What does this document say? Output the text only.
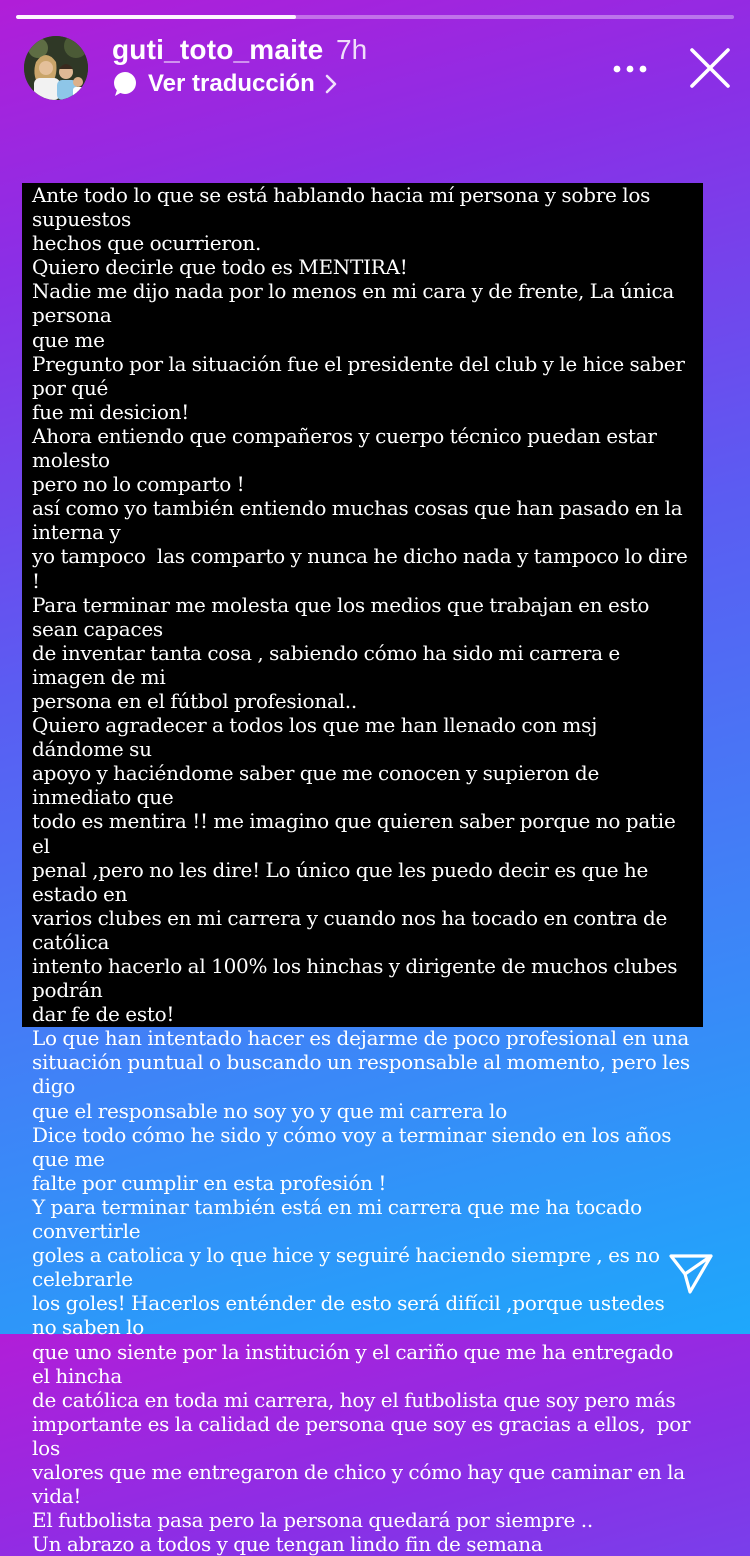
guti_toto_maite 7h
Ver traducción
Ante todo lo que se está hablando hacia mí persona y sobre los supuestos
hechos que ocurrieron.
Quiero decirle que todo es MENTIRA!
Nadie me dijo nada por lo menos en mi cara y de frente, La única persona
que me
Pregunto por la situación fue el presidente del club y le hice saber por qué
fue mi desicion!
Ahora entiendo que compañeros y cuerpo técnico puedan estar molesto
pero no lo comparto !
así como yo también entiendo muchas cosas que han pasado en la interna y
yo tampoco  las comparto y nunca he dicho nada y tampoco lo dire !
Para terminar me molesta que los medios que trabajan en esto sean capaces
de inventar tanta cosa , sabiendo cómo ha sido mi carrera e imagen de mi
persona en el fútbol profesional..
Quiero agradecer a todos los que me han llenado con msj dándome su
apoyo y haciéndome saber que me conocen y supieron de inmediato que
todo es mentira !! me imagino que quieren saber porque no patie el
penal ,pero no les dire! Lo único que les puedo decir es que he estado en
varios clubes en mi carrera y cuando nos ha tocado en contra de católica
intento hacerlo al 100% los hinchas y dirigente de muchos clubes podrán
dar fe de esto!
Lo que han intentado hacer es dejarme de poco profesional en una
situación puntual o buscando un responsable al momento, pero les digo
que el responsable no soy yo y que mi carrera lo
Dice todo cómo he sido y cómo voy a terminar siendo en los años que me
falte por cumplir en esta profesión !
Y para terminar también está en mi carrera que me ha tocado convertirle
goles a catolica y lo que hice y seguiré haciendo siempre , es no celebrarle
los goles! Hacerlos enténder de esto será difícil ,porque ustedes no saben lo
que uno siente por la institución y el cariño que me ha entregado el hincha
de católica en toda mi carrera, hoy el futbolista que soy pero más
importante es la calidad de persona que soy es gracias a ellos,  por los
valores que me entregaron de chico y cómo hay que caminar en la vida!
El futbolista pasa pero la persona quedará por siempre ..
Un abrazo a todos y que tengan lindo fin de semana
